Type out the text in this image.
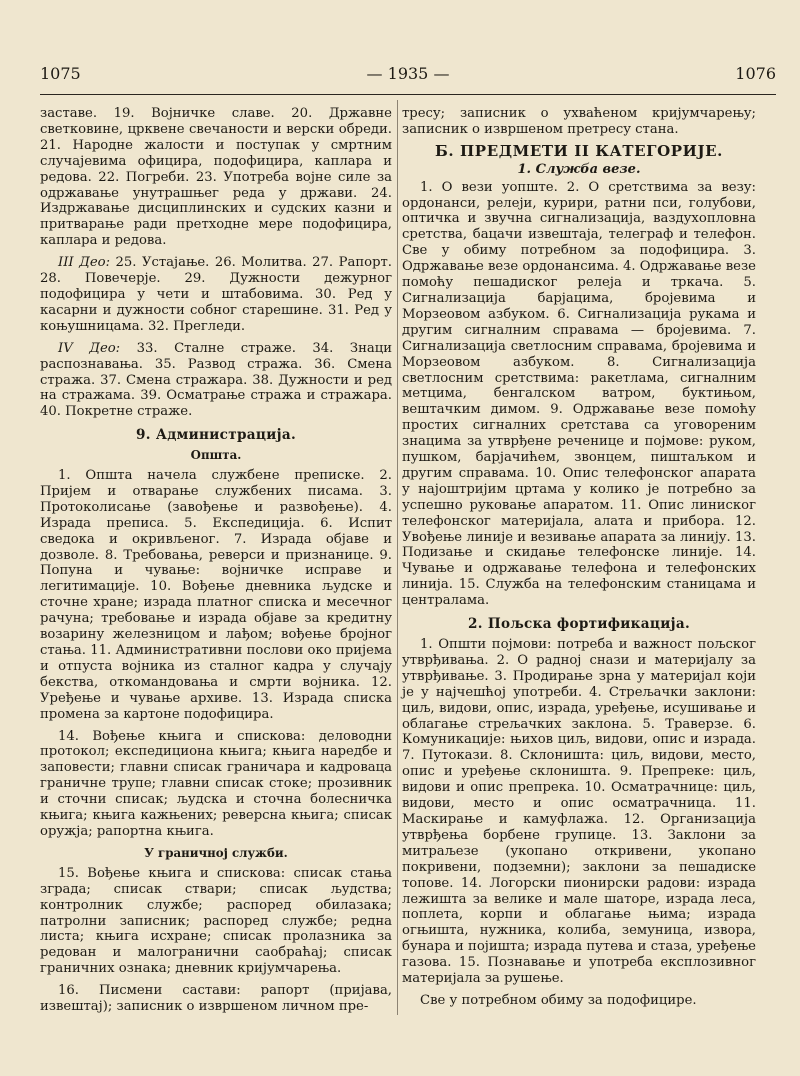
1075	— 1935 —	1076

заставе. 19. Војничке славе. 20. Државне светковине, црквене свечаности и верски обреди. 21. Народне жалости и поступак у смртним случајевима официра, подофицира, каплара и редова. 22. Погреби. 23. Употреба војне силе за одржавање унутрашњег реда у држави. 24. Издржавање дисциплинских и судских казни и притварање ради претходне мере подофицира, каплара и редова.

III Део: 25. Устајање. 26. Молитва. 27. Рапорт. 28. Повечерје. 29. Дужности дежурног подофицира у чети и штабовима. 30. Ред у касарни и дужности собног старешине. 31. Ред у коњушницама. 32. Прегледи.

IV Део: 33. Сталне страже. 34. Знаци распознавања. 35. Развод стража. 36. Смена стража. 37. Смена стражара. 38. Дужности и ред на стражама. 39. Осматрање стража и стражара. 40. Покретне страже.

9. Администрација.
Општа.

1. Општа начела службене преписке. 2. Пријем и отварање службених писама. 3. Протоколисање (завођење и развођење). 4. Израда преписа. 5. Експедиција. 6. Испит сведока и окривљеног. 7. Израда објаве и дозволе. 8. Требовања, реверси и признанице. 9. Попуна и чување: војничке исправе и легитимације. 10. Вођење дневника људске и сточне хране; израда платног списка и месечног рачуна; требовање и израда објаве за кредитну возарину железницом и лађом; вођење бројног стања. 11. Административни послови око пријема и отпуста војника из сталног кадра у случају бекства, откомандовања и смрти војника. 12. Уређење и чување архиве. 13. Израда списка промена за картоне подофицира.

14. Вођење књига и спискова: деловодни протокол; експедициона књига; књига наредбе и заповести; главни списак граничара и кадроваца граничне трупе; главни списак стоке; прозивник и сточни списак; људска и сточна болесничка књига; књига кажњених; реверсна књига; списак оружја; рапортна књига.

У граничној служби.

15. Вођење књига и спискова: списак стања зграда; списак ствари; списак људства; контролник службе; распоред обилазака; патролни записник; распоред службе; редна листа; књига исхране; списак пролазника за редован и малогранични саобраћај; списак граничних ознака; дневник кријумчарења.

16. Писмени састави: рапорт (пријава, извештај); записник о извршеном личном пре-

тресу; записник о ухваћеном кријумчарењу; записник о извршеном претресу стана.

Б. ПРЕДМЕТИ II КАТЕГОРИЈЕ.
1. Служба везе.

1. О вези уопште. 2. О сретствима за везу: ордонанси, релеји, курири, ратни пси, голубови, оптичка и звучна сигнализација, ваздухопловна сретства, бацачи извештаја, телеграф и телефон. Све у обиму потребном за подофицира. 3. Одржавање везе ордонансима. 4. Одржавање везе помоћу пешадиског релеја и тркача. 5. Сигнализација барјацима, бројевима и Морзеовом азбуком. 6. Сигнализација рукама и другим сигналним справама — бројевима. 7. Сигнализација светлосним справама, бројевима и Морзеовом азбуком. 8. Сигнализација светлосним сретствима: ракетлама, сигналним метцима, бенгалском ватром, буктињом, вештачким димом. 9. Одржавање везе помоћу простих сигналних сретстава са уговореним знацима за утврђене реченице и појмове: руком, пушком, барјачићем, звонцем, пиштаљком и другим справама. 10. Опис телефонског апарата у најоштријим цртама у колико је потребно за успешно руковање апаратом. 11. Опис линиског телефонског материјала, алата и прибора. 12. Увођење линије и везивање апарата за линију. 13. Подизање и скидање телефонске линије. 14. Чување и одржавање телефона и телефонских линија. 15. Служба на телефонским станицама и централама.

2. Пољска фортификација.

1. Општи појмови: потреба и важност пољског утврђивања. 2. О радној снази и материјалу за утврђивање. 3. Продирање зрна у материјал који је у најчешћој употреби. 4. Стрељачки заклони: циљ, видови, опис, израда, уређење, исушивање и облагање стрељачких заклона. 5. Траверзе. 6. Комуникације: њихов циљ, видови, опис и израда. 7. Путокази. 8. Склоништа: циљ, видови, место, опис и уређење склоништа. 9. Препреке: циљ, видови и опис препрека. 10. Осматрачнице: циљ, видови, место и опис осматрачница. 11. Маскирање и камуфлажа. 12. Организација утврђења борбене групице. 13. Заклони за митраљезе (укопано откривени, укопано покривени, подземни); заклони за пешадиске топове. 14. Логорски пионирски радови: израда лежишта за велике и мале шаторе, израда леса, поплета, корпи и облагање њима; израда огњишта, нужника, колиба, земуница, извора, бунара и појишта; израда путева и стаза, уређење газова. 15. Познавање и употреба експлозивног материјала за рушење.

Све у потребном обиму за подофицире.
